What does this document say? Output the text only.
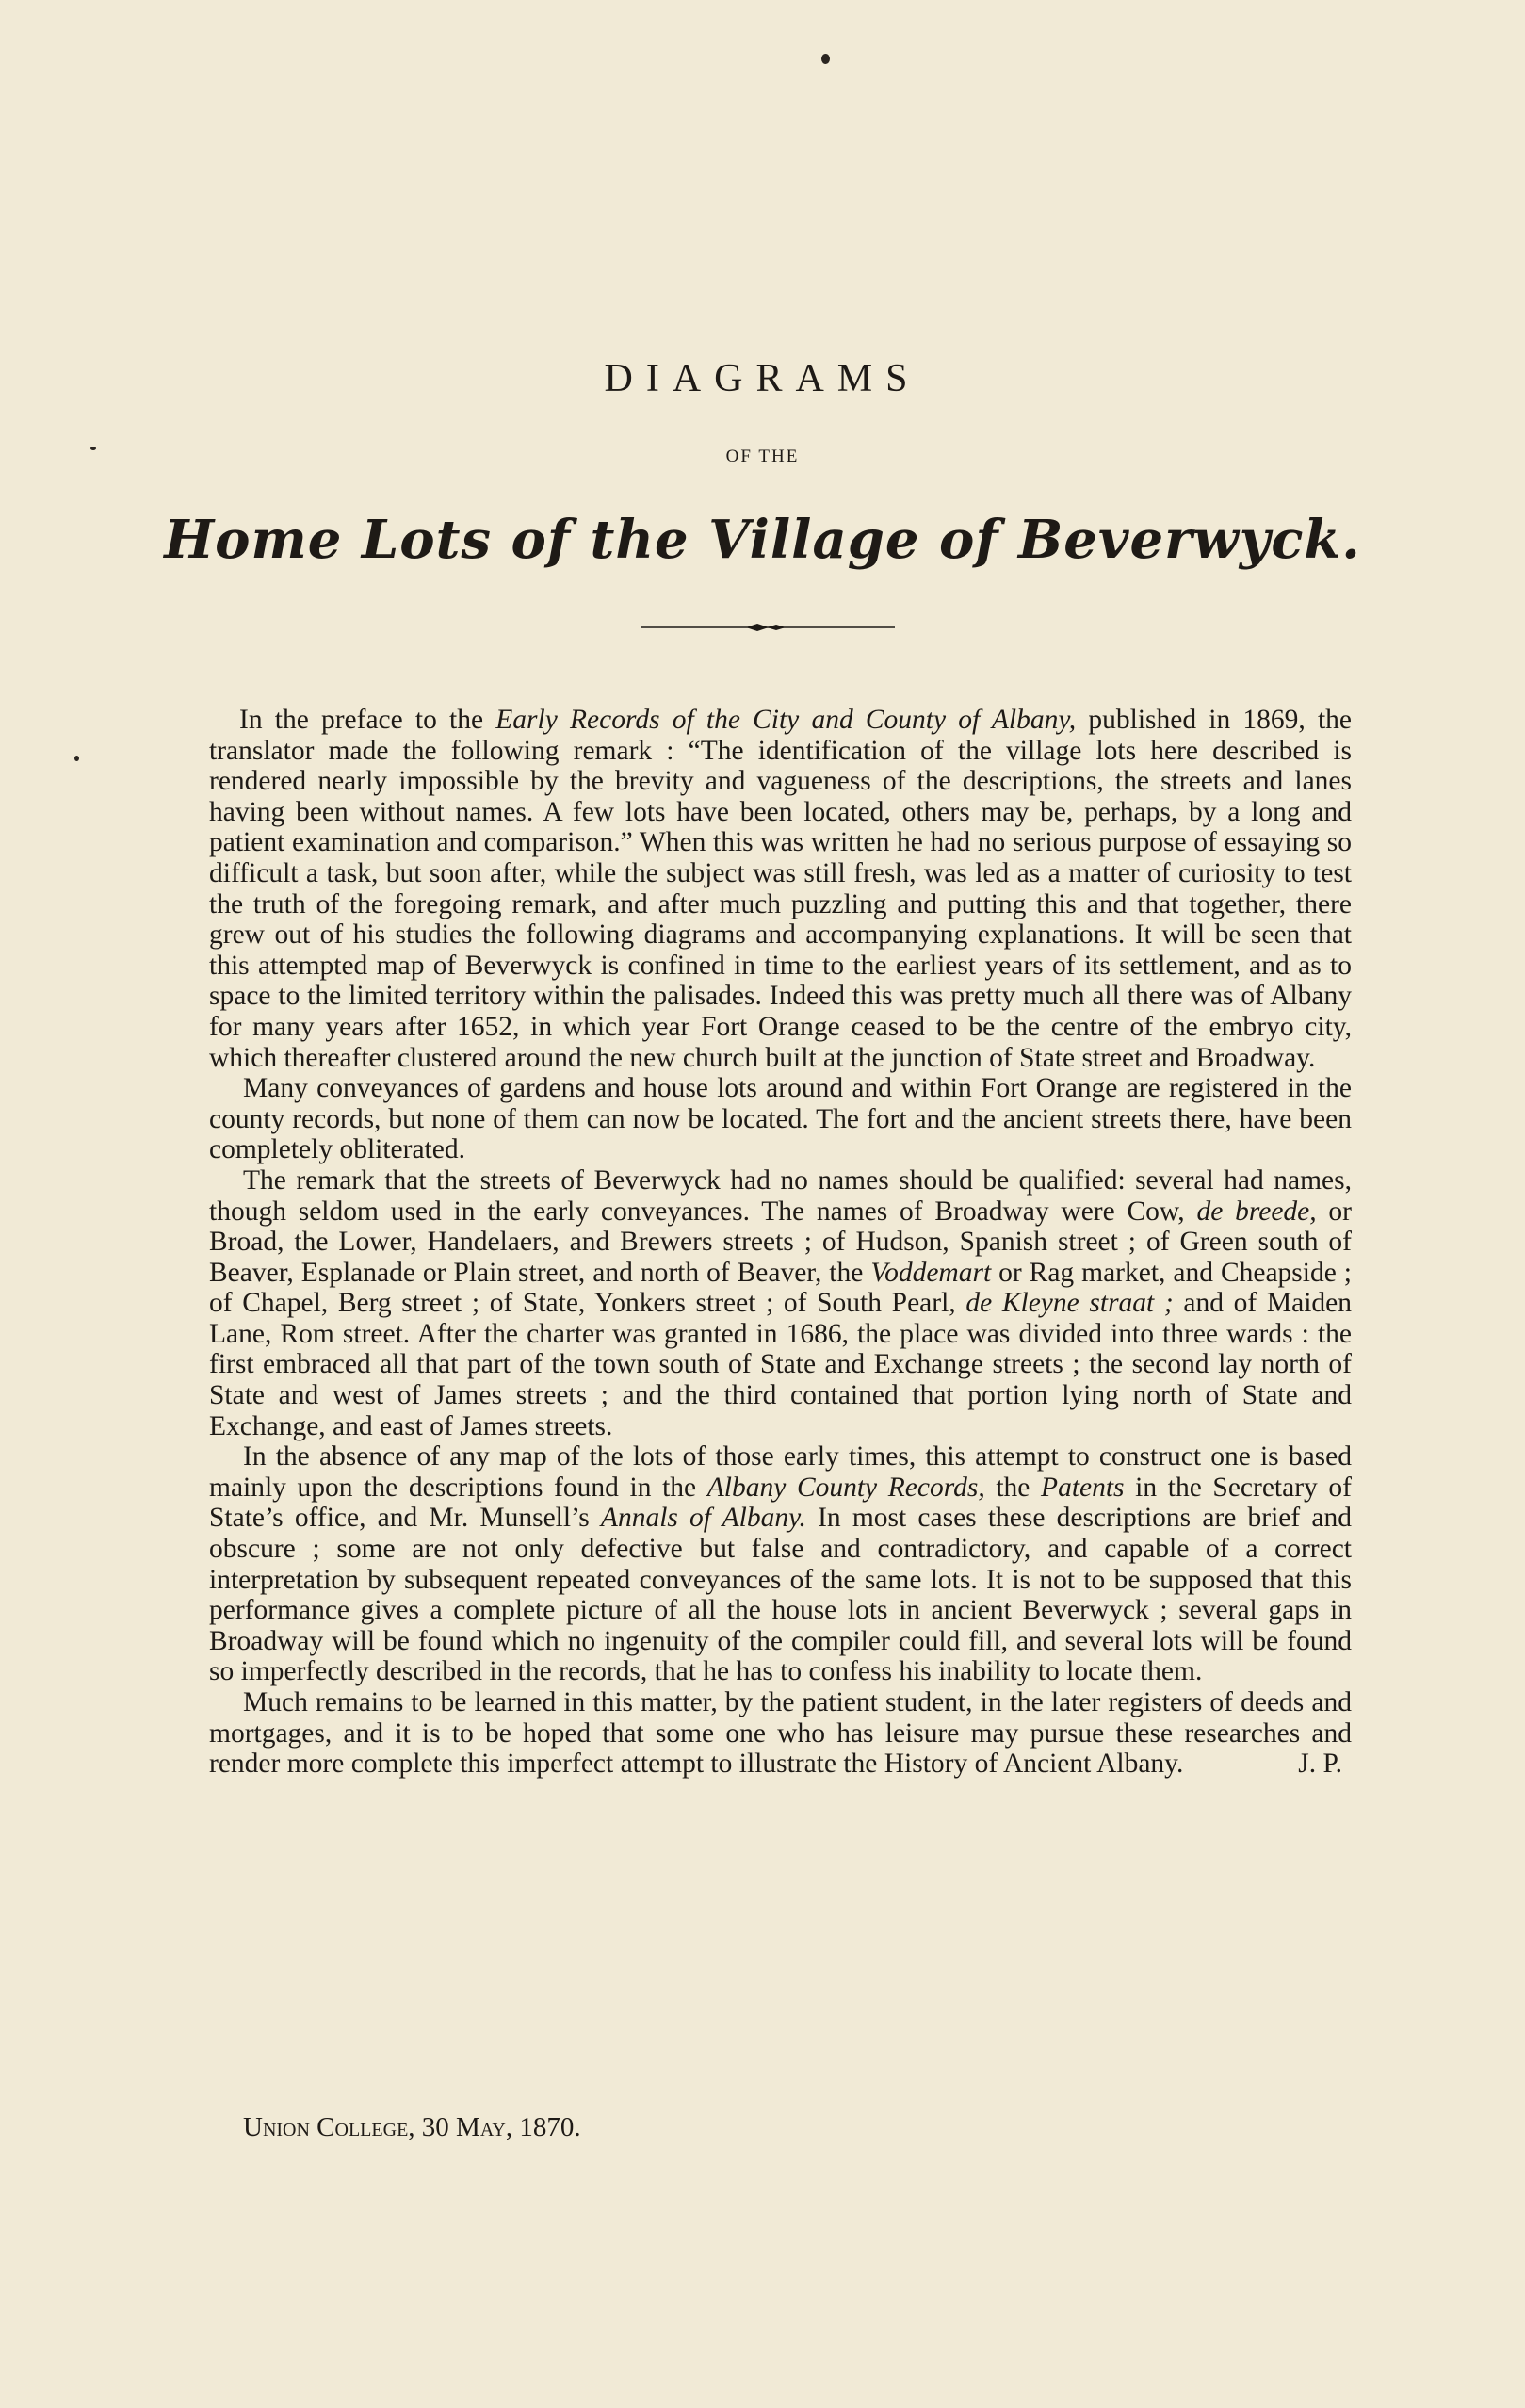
DIAGRAMS
OF THE
Home Lots of the Village of Beverwyck.

In the preface to the Early Records of the City and County of Albany, published in 1869, the translator made the following remark : “The identification of the village lots here described is rendered nearly impossible by the brevity and vagueness of the descriptions, the streets and lanes having been without names. A few lots have been located, others may be, perhaps, by a long and patient examination and comparison.” When this was written he had no serious purpose of essaying so difficult a task, but soon after, while the subject was still fresh, was led as a matter of curiosity to test the truth of the foregoing remark, and after much puzzling and putting this and that together, there grew out of his studies the following diagrams and accompanying explanations. It will be seen that this attempted map of Beverwyck is confined in time to the earliest years of its settlement, and as to space to the limited territory within the palisades. Indeed this was pretty much all there was of Albany for many years after 1652, in which year Fort Orange ceased to be the centre of the embryo city, which thereafter clustered around the new church built at the junction of State street and Broadway.

Many conveyances of gardens and house lots around and within Fort Orange are registered in the county records, but none of them can now be located. The fort and the ancient streets there, have been completely obliterated.

The remark that the streets of Beverwyck had no names should be qualified: several had names, though seldom used in the early conveyances. The names of Broadway were Cow, de breede, or Broad, the Lower, Handelaers, and Brewers streets ; of Hudson, Spanish street ; of Green south of Beaver, Esplanade or Plain street, and north of Beaver, the Voddemart or Rag market, and Cheapside ; of Chapel, Berg street ; of State, Yonkers street ; of South Pearl, de Kleyne straat ; and of Maiden Lane, Rom street. After the charter was granted in 1686, the place was divided into three wards : the first embraced all that part of the town south of State and Exchange streets ; the second lay north of State and west of James streets ; and the third contained that portion lying north of State and Exchange, and east of James streets.

In the absence of any map of the lots of those early times, this attempt to construct one is based mainly upon the descriptions found in the Albany County Records, the Patents in the Secretary of State’s office, and Mr. Munsell’s Annals of Albany. In most cases these descriptions are brief and obscure ; some are not only defective but false and contradictory, and capable of a correct interpretation by subsequent repeated conveyances of the same lots. It is not to be supposed that this performance gives a complete picture of all the house lots in ancient Beverwyck ; several gaps in Broadway will be found which no ingenuity of the compiler could fill, and several lots will be found so imperfectly described in the records, that he has to confess his inability to locate them.

Much remains to be learned in this matter, by the patient student, in the later registers of deeds and mortgages, and it is to be hoped that some one who has leisure may pursue these researches and render more complete this imperfect attempt to illustrate the History of Ancient Albany.	J. P.

Union College, 30 May, 1870.
